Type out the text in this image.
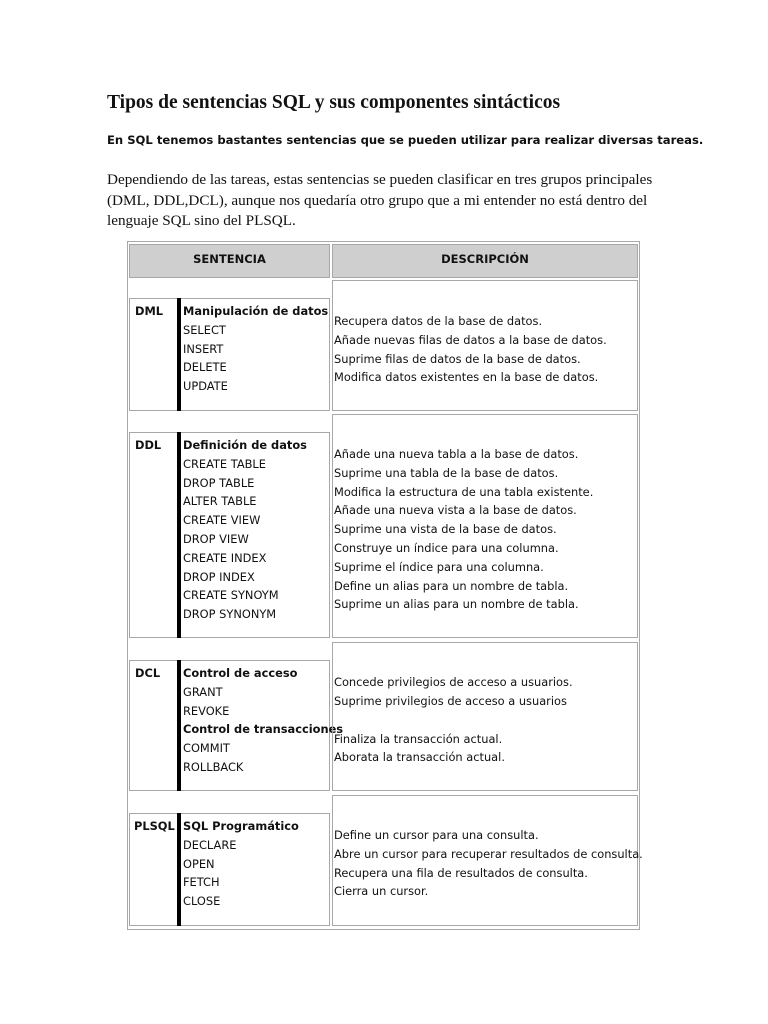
Tipos de sentencias SQL y sus componentes sintácticos
En SQL tenemos bastantes sentencias que se pueden utilizar para realizar diversas tareas.
Dependiendo de las tareas, estas sentencias se pueden clasificar en tres grupos principales
(DML, DDL,DCL), aunque nos quedaría otro grupo que a mi entender no está dentro del
lenguaje SQL sino del PLSQL.
SENTENCIA	DESCRIPCIÓN
DML Manipulación de datos
SELECT
INSERT
DELETE
UPDATE
Recupera datos de la base de datos.
Añade nuevas filas de datos a la base de datos.
Suprime filas de datos de la base de datos.
Modifica datos existentes en la base de datos.
DDL Definición de datos
CREATE TABLE
DROP TABLE
ALTER TABLE
CREATE VIEW
DROP VIEW
CREATE INDEX
DROP INDEX
CREATE SYNOYM
DROP SYNONYM
Añade una nueva tabla a la base de datos.
Suprime una tabla de la base de datos.
Modifica la estructura de una tabla existente.
Añade una nueva vista a la base de datos.
Suprime una vista de la base de datos.
Construye un índice para una columna.
Suprime el índice para una columna.
Define un alias para un nombre de tabla.
Suprime un alias para un nombre de tabla.
DCL Control de acceso
GRANT
REVOKE
Control de transacciones
COMMIT
ROLLBACK
Concede privilegios de acceso a usuarios.
Suprime privilegios de acceso a usuarios
Finaliza la transacción actual.
Aborata la transacción actual.
PLSQL SQL Programático
DECLARE
OPEN
FETCH
CLOSE
Define un cursor para una consulta.
Abre un cursor para recuperar resultados de consulta.
Recupera una fila de resultados de consulta.
Cierra un cursor.
